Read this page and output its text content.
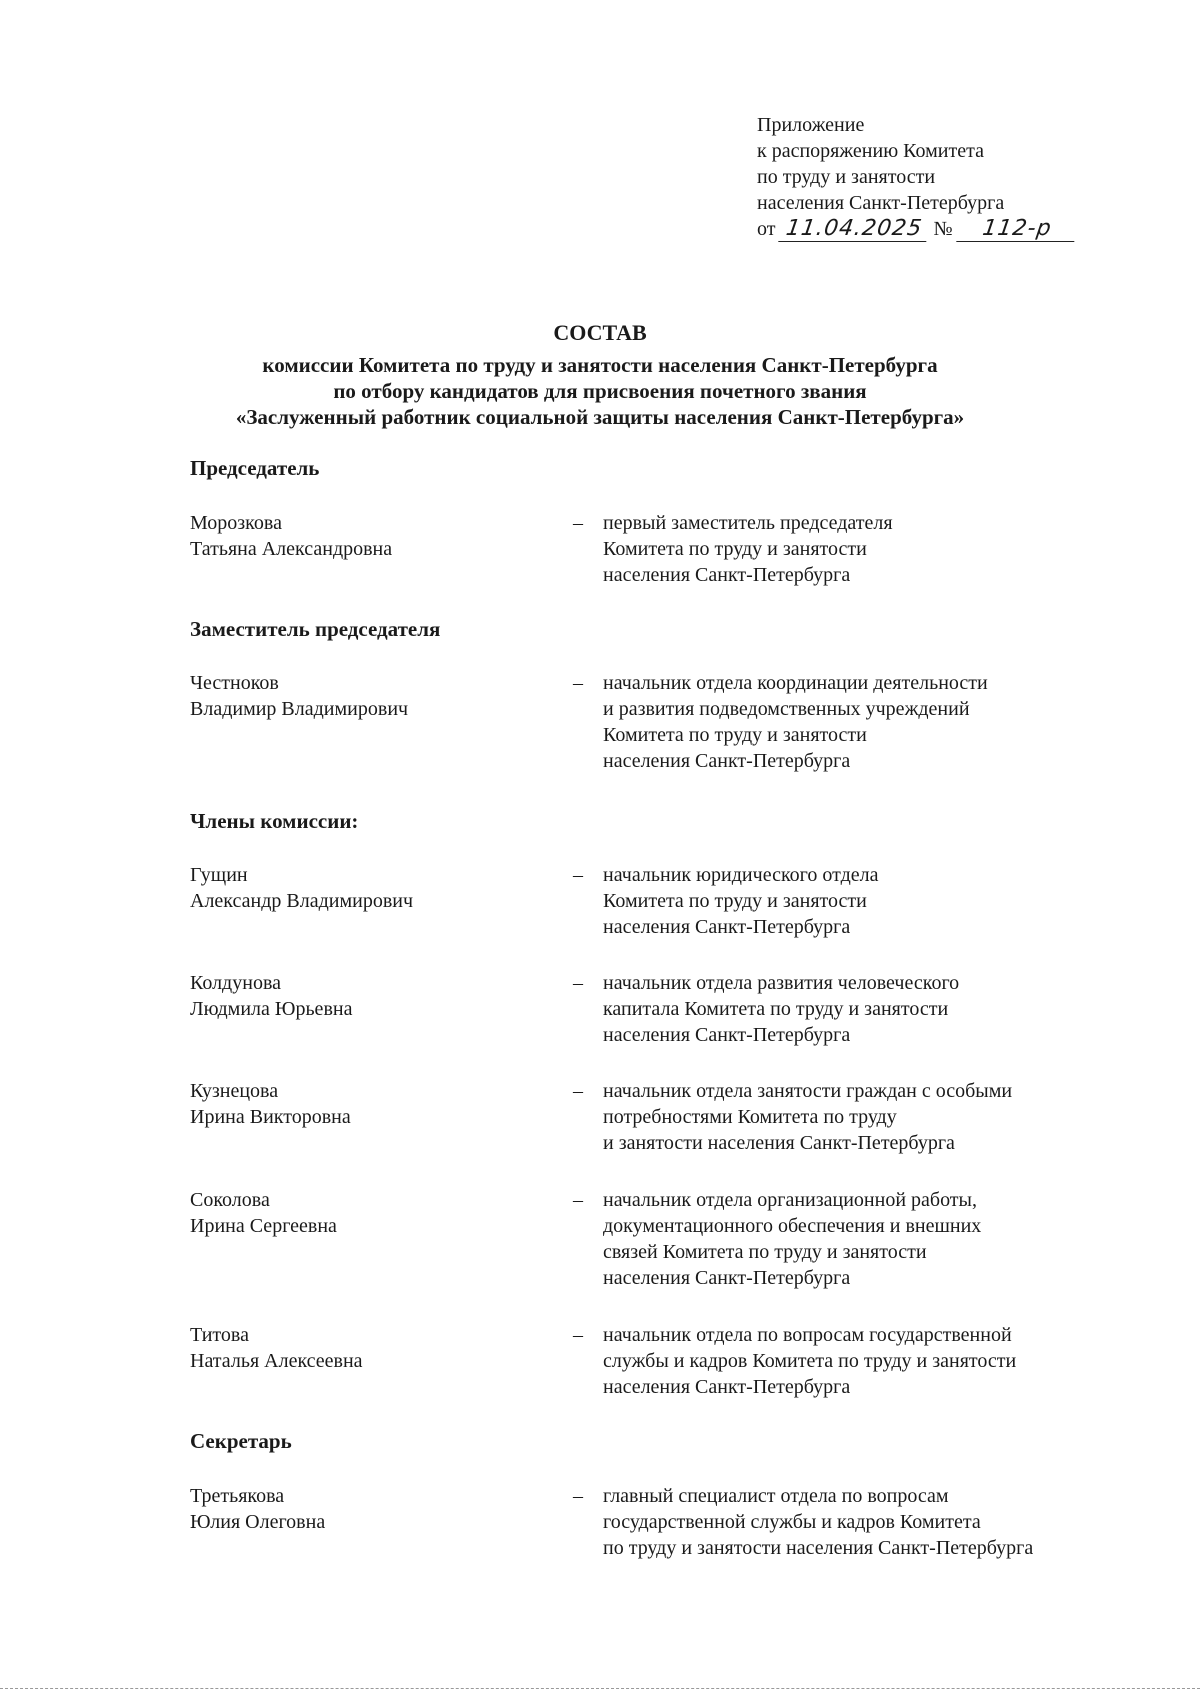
Приложение
к распоряжению Комитета
по труду и занятости
населения Санкт-Петербурга
от 11.04.2025 № 112-р
СОСТАВ
комиссии Комитета по труду и занятости населения Санкт-Петербурга
по отбору кандидатов для присвоения почетного звания
«Заслуженный работник социальной защиты населения Санкт-Петербурга»
Председатель
Морозкова
Татьяна Александровна
– первый заместитель председателя
Комитета по труду и занятости
населения Санкт-Петербурга
Заместитель председателя
Честноков
Владимир Владимирович
– начальник отдела координации деятельности
и развития подведомственных учреждений
Комитета по труду и занятости
населения Санкт-Петербурга
Члены комиссии:
Гущин
Александр Владимирович
– начальник юридического отдела
Комитета по труду и занятости
населения Санкт-Петербурга
Колдунова
Людмила Юрьевна
– начальник отдела развития человеческого
капитала Комитета по труду и занятости
населения Санкт-Петербурга
Кузнецова
Ирина Викторовна
– начальник отдела занятости граждан с особыми
потребностями Комитета по труду
и занятости населения Санкт-Петербурга
Соколова
Ирина Сергеевна
– начальник отдела организационной работы,
документационного обеспечения и внешних
связей Комитета по труду и занятости
населения Санкт-Петербурга
Титова
Наталья Алексеевна
– начальник отдела по вопросам государственной
службы и кадров Комитета по труду и занятости
населения Санкт-Петербурга
Секретарь
Третьякова
Юлия Олеговна
– главный специалист отдела по вопросам
государственной службы и кадров Комитета
по труду и занятости населения Санкт-Петербурга
